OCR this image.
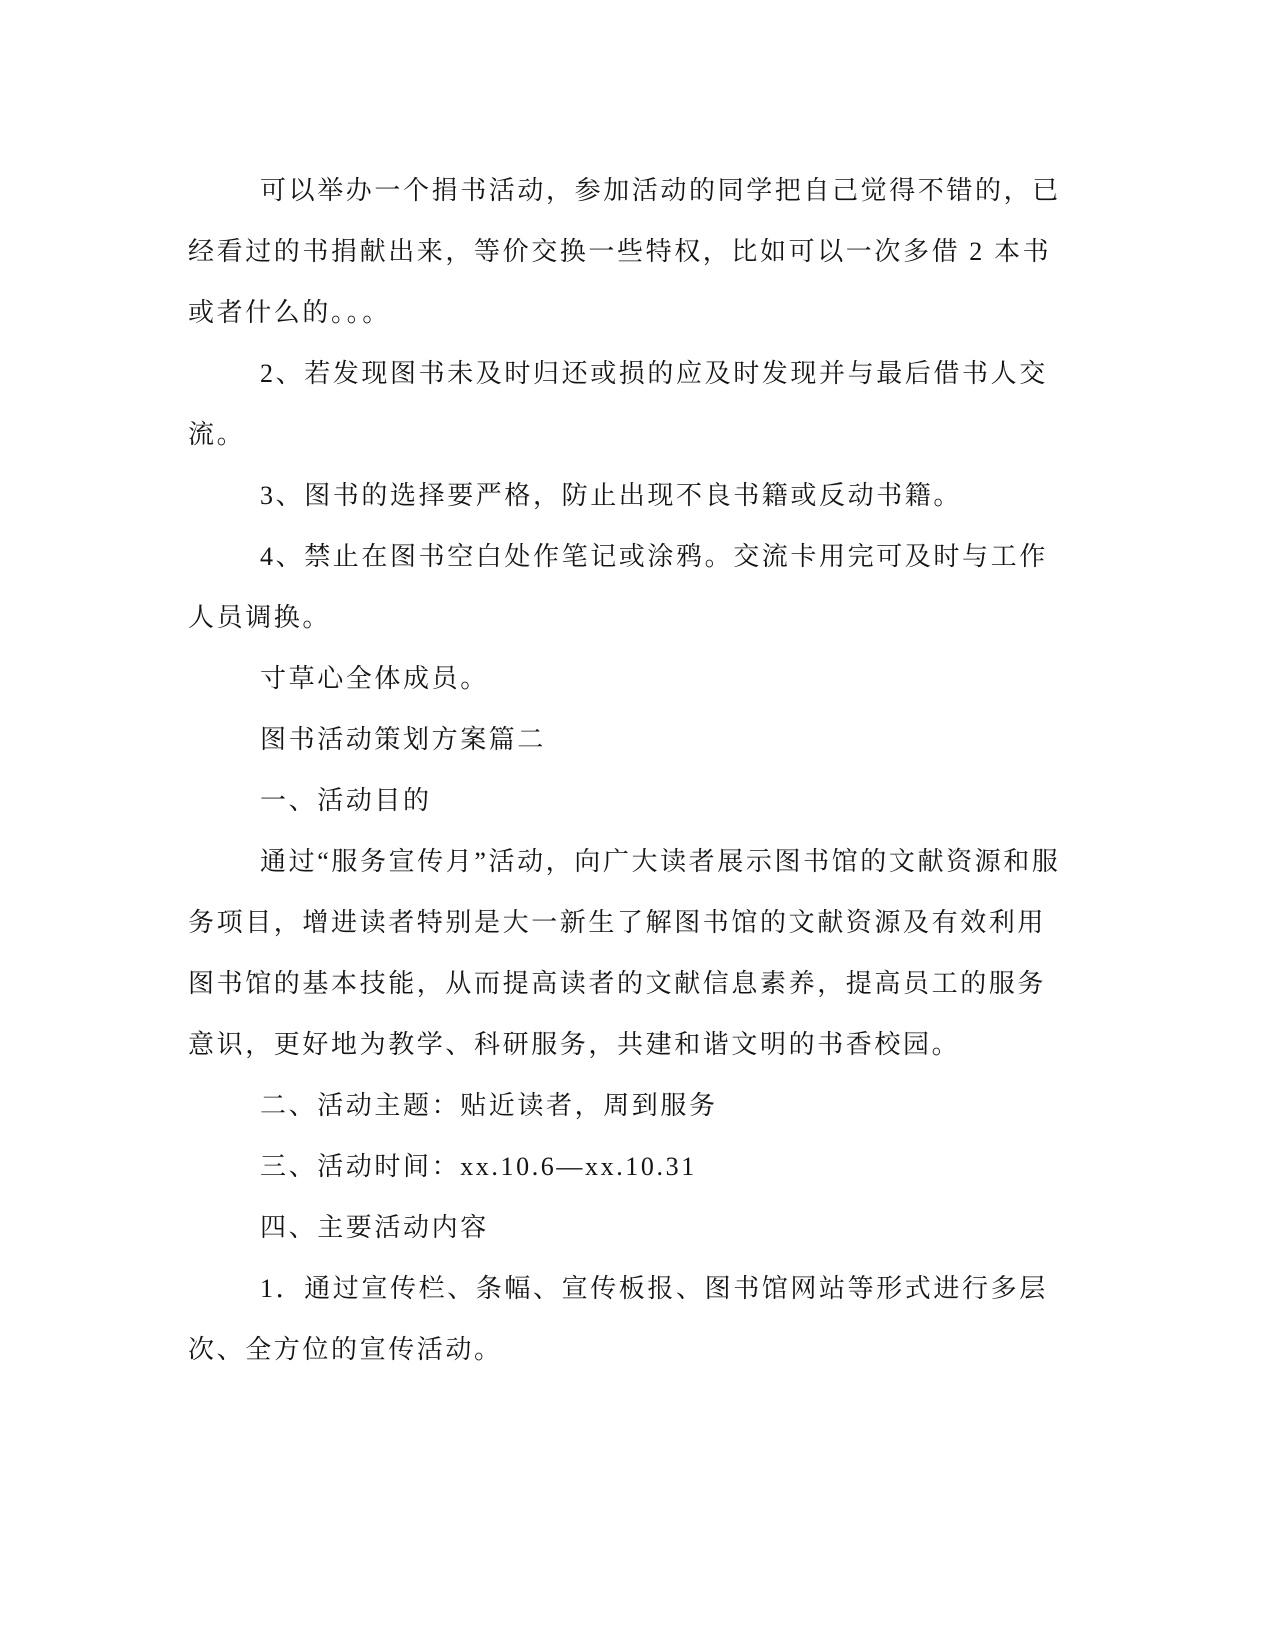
可以举办一个捐书活动，参加活动的同学把自己觉得不错的，已
经看过的书捐献出来，等价交换一些特权，比如可以一次多借 2 本书
或者什么的。。。
2、若发现图书未及时归还或损的应及时发现并与最后借书人交
流。
3、图书的选择要严格，防止出现不良书籍或反动书籍。
4、禁止在图书空白处作笔记或涂鸦。交流卡用完可及时与工作
人员调换。
寸草心全体成员。
图书活动策划方案篇二
一、活动目的
通过“服务宣传月”活动，向广大读者展示图书馆的文献资源和服
务项目，增进读者特别是大一新生了解图书馆的文献资源及有效利用
图书馆的基本技能，从而提高读者的文献信息素养，提高员工的服务
意识，更好地为教学、科研服务，共建和谐文明的书香校园。
二、活动主题：贴近读者，周到服务
三、活动时间：xx.10.6—xx.10.31
四、主要活动内容
1．通过宣传栏、条幅、宣传板报、图书馆网站等形式进行多层
次、全方位的宣传活动。
